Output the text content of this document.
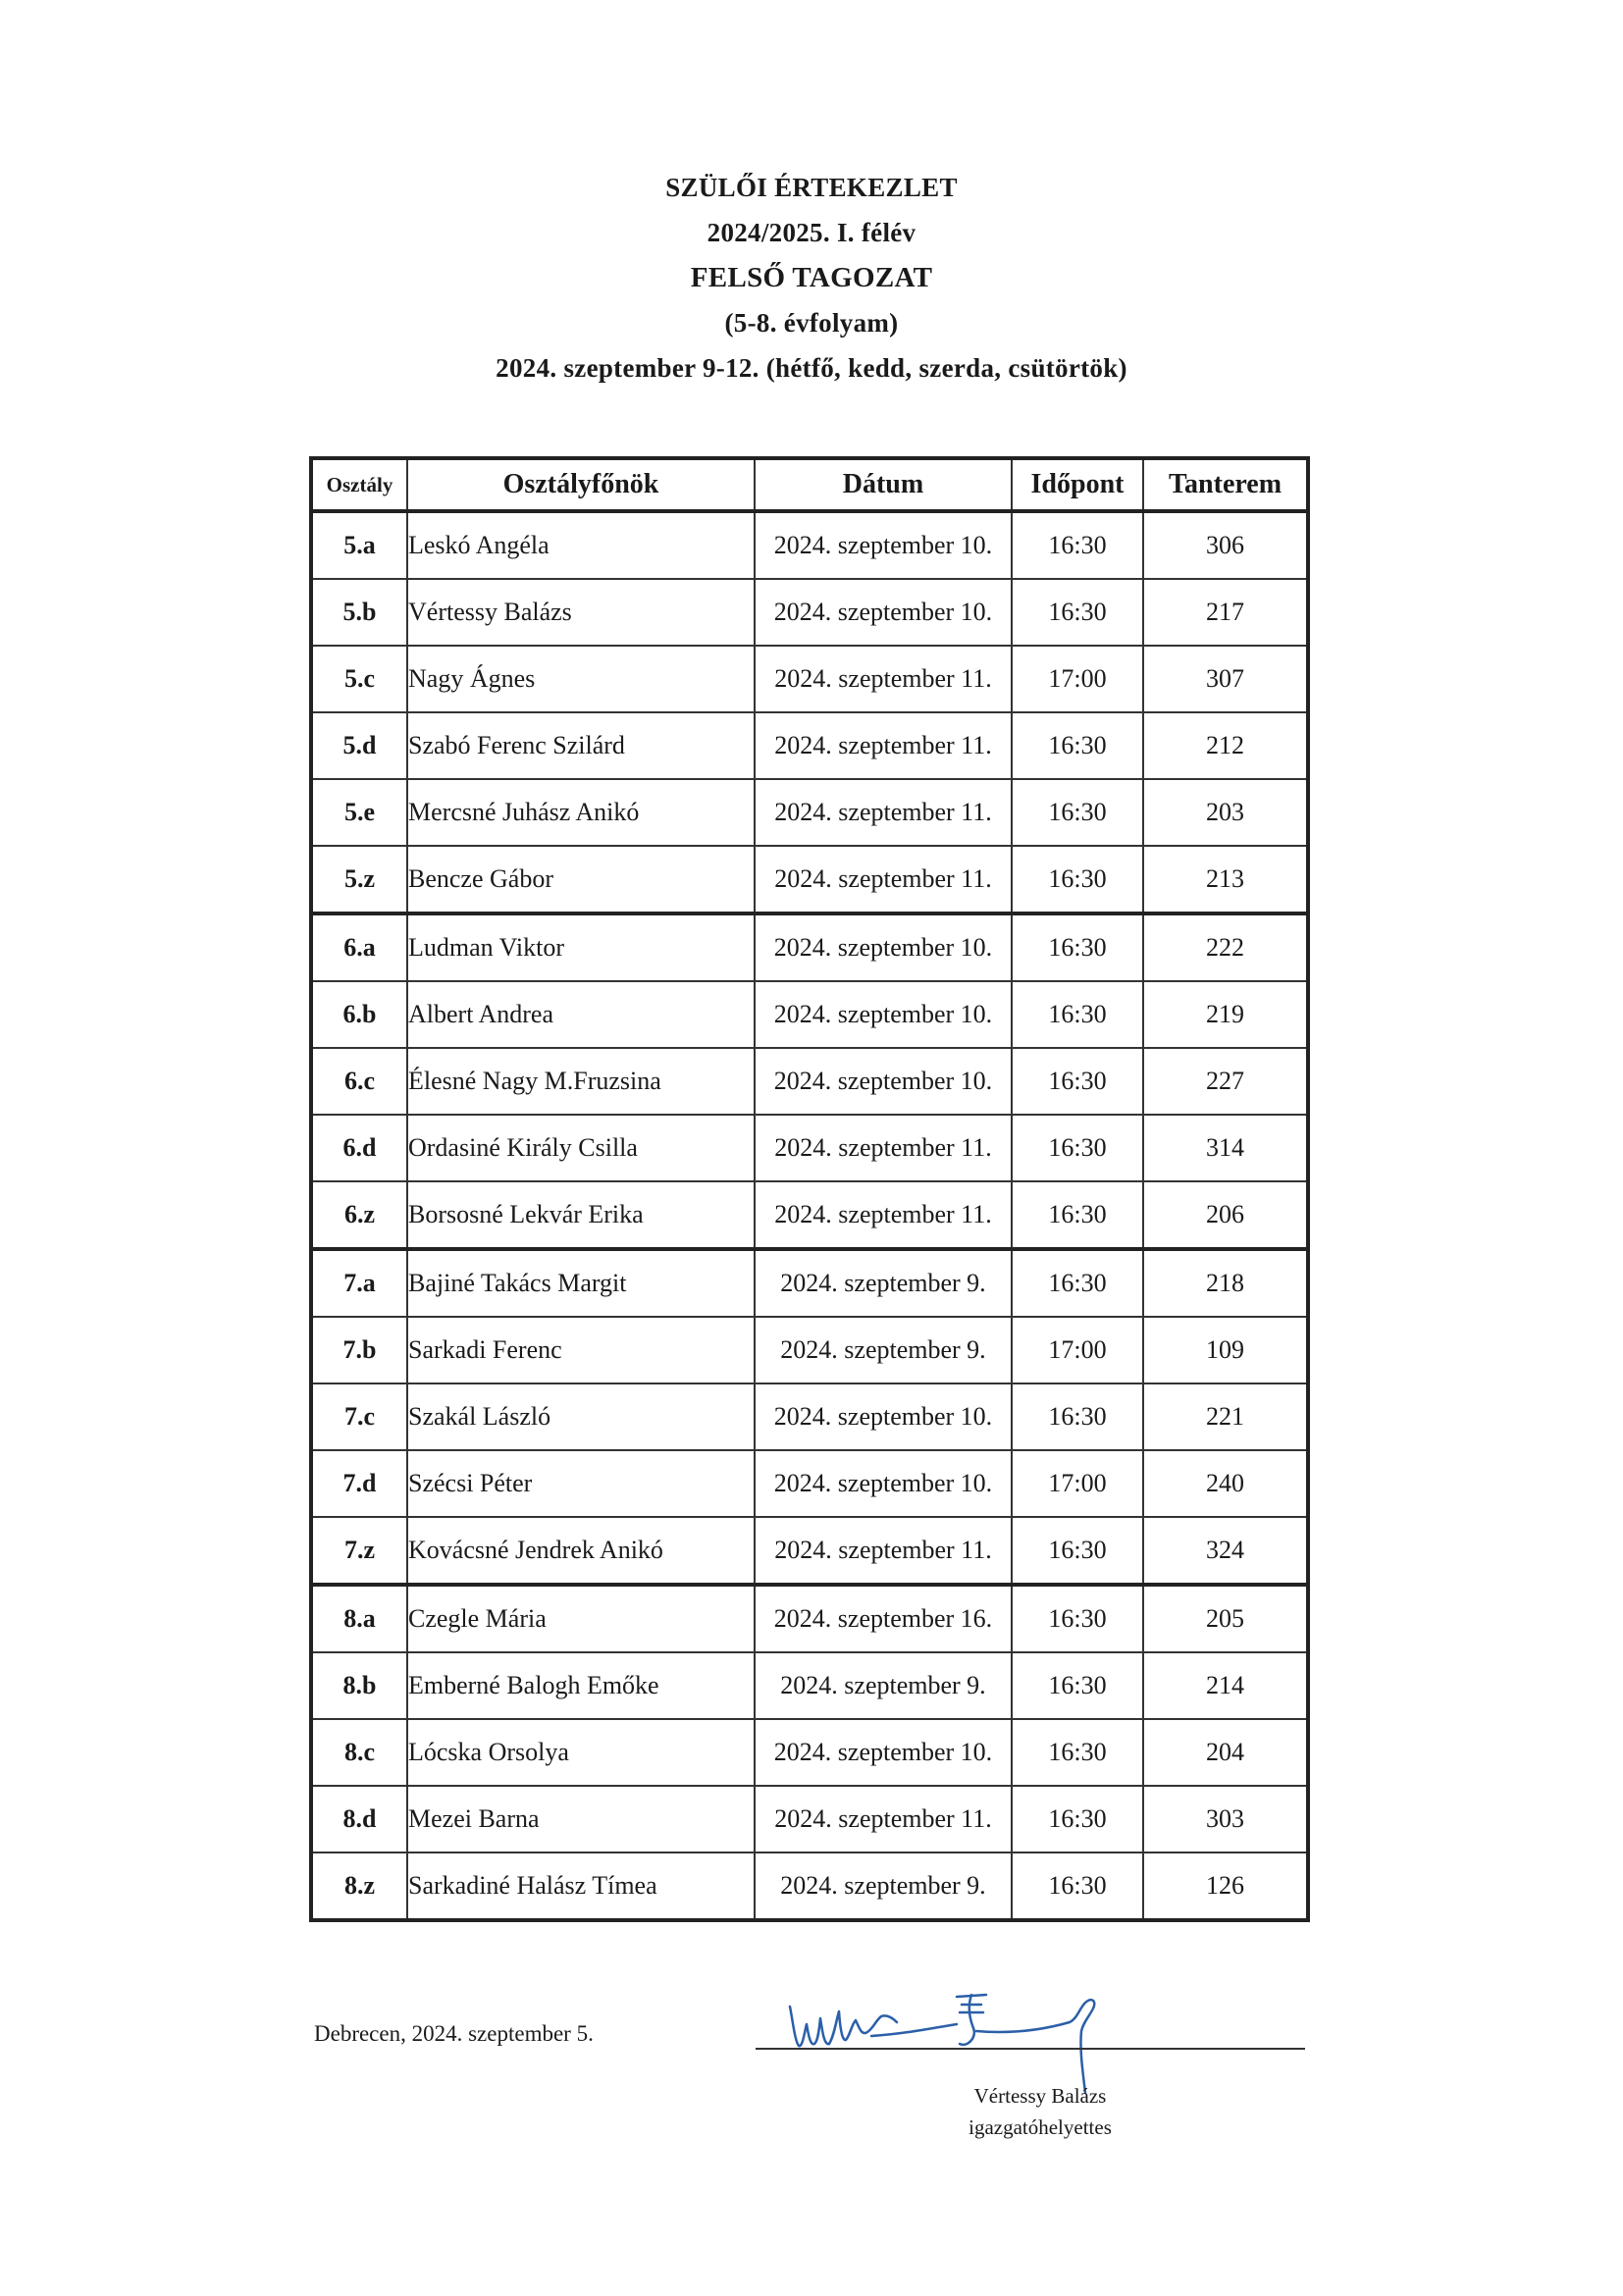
SZÜLŐI ÉRTEKEZLET
2024/2025. I. félév
FELSŐ TAGOZAT
(5-8. évfolyam)
2024. szeptember 9-12. (hétfő, kedd, szerda, csütörtök)
Osztály	Osztályfőnök	Dátum	Időpont	Tanterem
5.a	Leskó Angéla	2024. szeptember 10.	16:30	306
5.b	Vértessy Balázs	2024. szeptember 10.	16:30	217
5.c	Nagy Ágnes	2024. szeptember 11.	17:00	307
5.d	Szabó Ferenc Szilárd	2024. szeptember 11.	16:30	212
5.e	Mercsné Juhász Anikó	2024. szeptember 11.	16:30	203
5.z	Bencze Gábor	2024. szeptember 11.	16:30	213
6.a	Ludman Viktor	2024. szeptember 10.	16:30	222
6.b	Albert Andrea	2024. szeptember 10.	16:30	219
6.c	Élesné Nagy M.Fruzsina	2024. szeptember 10.	16:30	227
6.d	Ordasiné Király Csilla	2024. szeptember 11.	16:30	314
6.z	Borsosné Lekvár Erika	2024. szeptember 11.	16:30	206
7.a	Bajiné Takács Margit	2024. szeptember 9.	16:30	218
7.b	Sarkadi Ferenc	2024. szeptember 9.	17:00	109
7.c	Szakál László	2024. szeptember 10.	16:30	221
7.d	Szécsi Péter	2024. szeptember 10.	17:00	240
7.z	Kovácsné Jendrek Anikó	2024. szeptember 11.	16:30	324
8.a	Czegle Mária	2024. szeptember 16.	16:30	205
8.b	Emberné Balogh Emőke	2024. szeptember 9.	16:30	214
8.c	Lócska Orsolya	2024. szeptember 10.	16:30	204
8.d	Mezei Barna	2024. szeptember 11.	16:30	303
8.z	Sarkadiné Halász Tímea	2024. szeptember 9.	16:30	126
Debrecen, 2024. szeptember 5.
Vértessy Balázs
igazgatóhelyettes
